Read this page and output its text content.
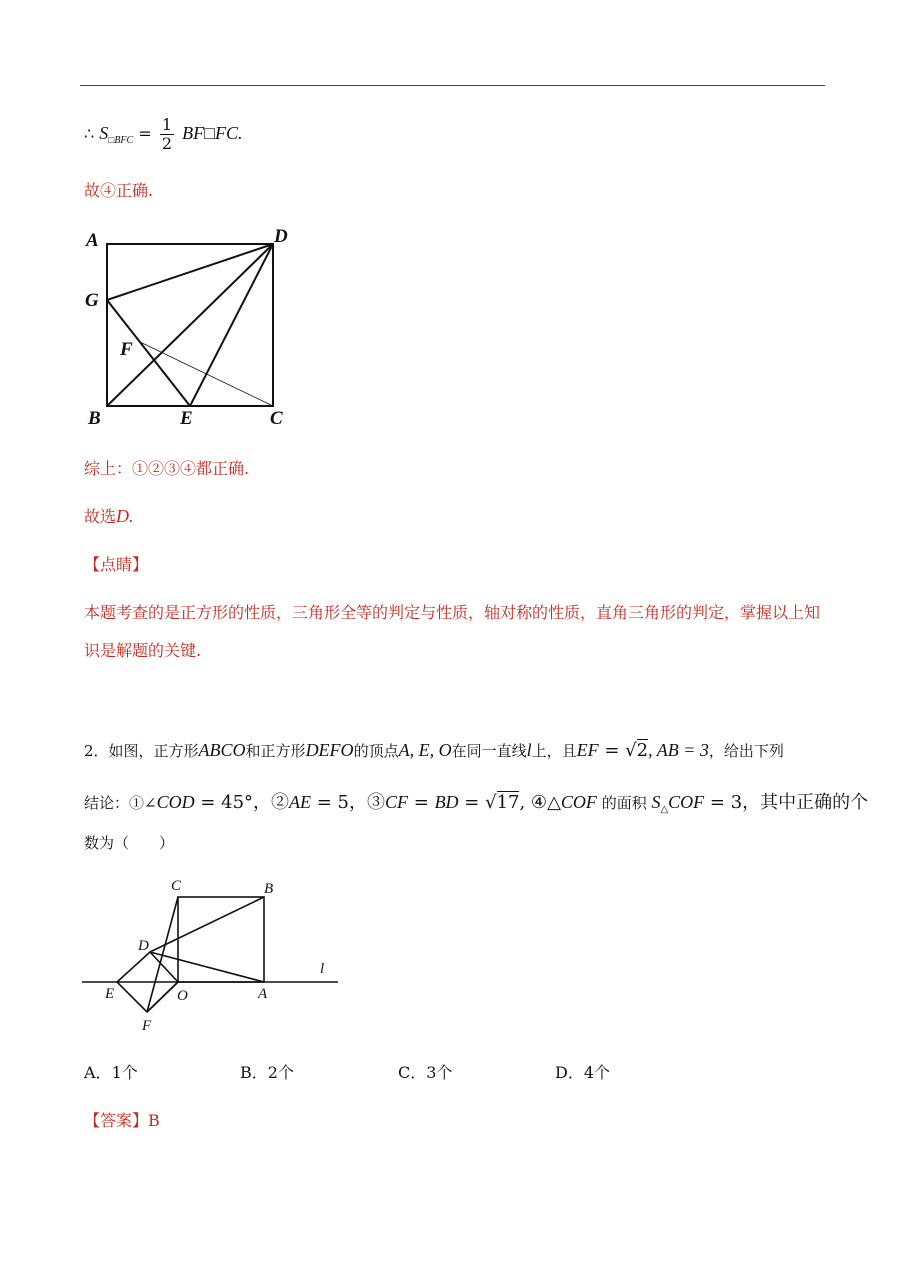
∴ $S_{□BFC} = \frac{1}{2}$ BF□FC.
故④正确.
A	D
G
F
B	E	C
综上：①②③④都正确.
故选D.
【点睛】
本题考查的是正方形的性质，三角形全等的判定与性质，轴对称的性质，直角三角形的判定，掌握以上知
识是解题的关键.
2．如图，正方形ABCO和正方形DEFO的顶点A, E, O在同一直线l上，且EF = √2, AB = 3，给出下列
结论：①∠COD = 45°，②AE = 5，③CF = BD = √17, ④△COF 的面积 $S_\triangle COF = 3$，其中正确的个
数为（　　）
C	B
D
l
E	O	A
F
A．1个	B．2个	C．3个	D．4个
【答案】B
